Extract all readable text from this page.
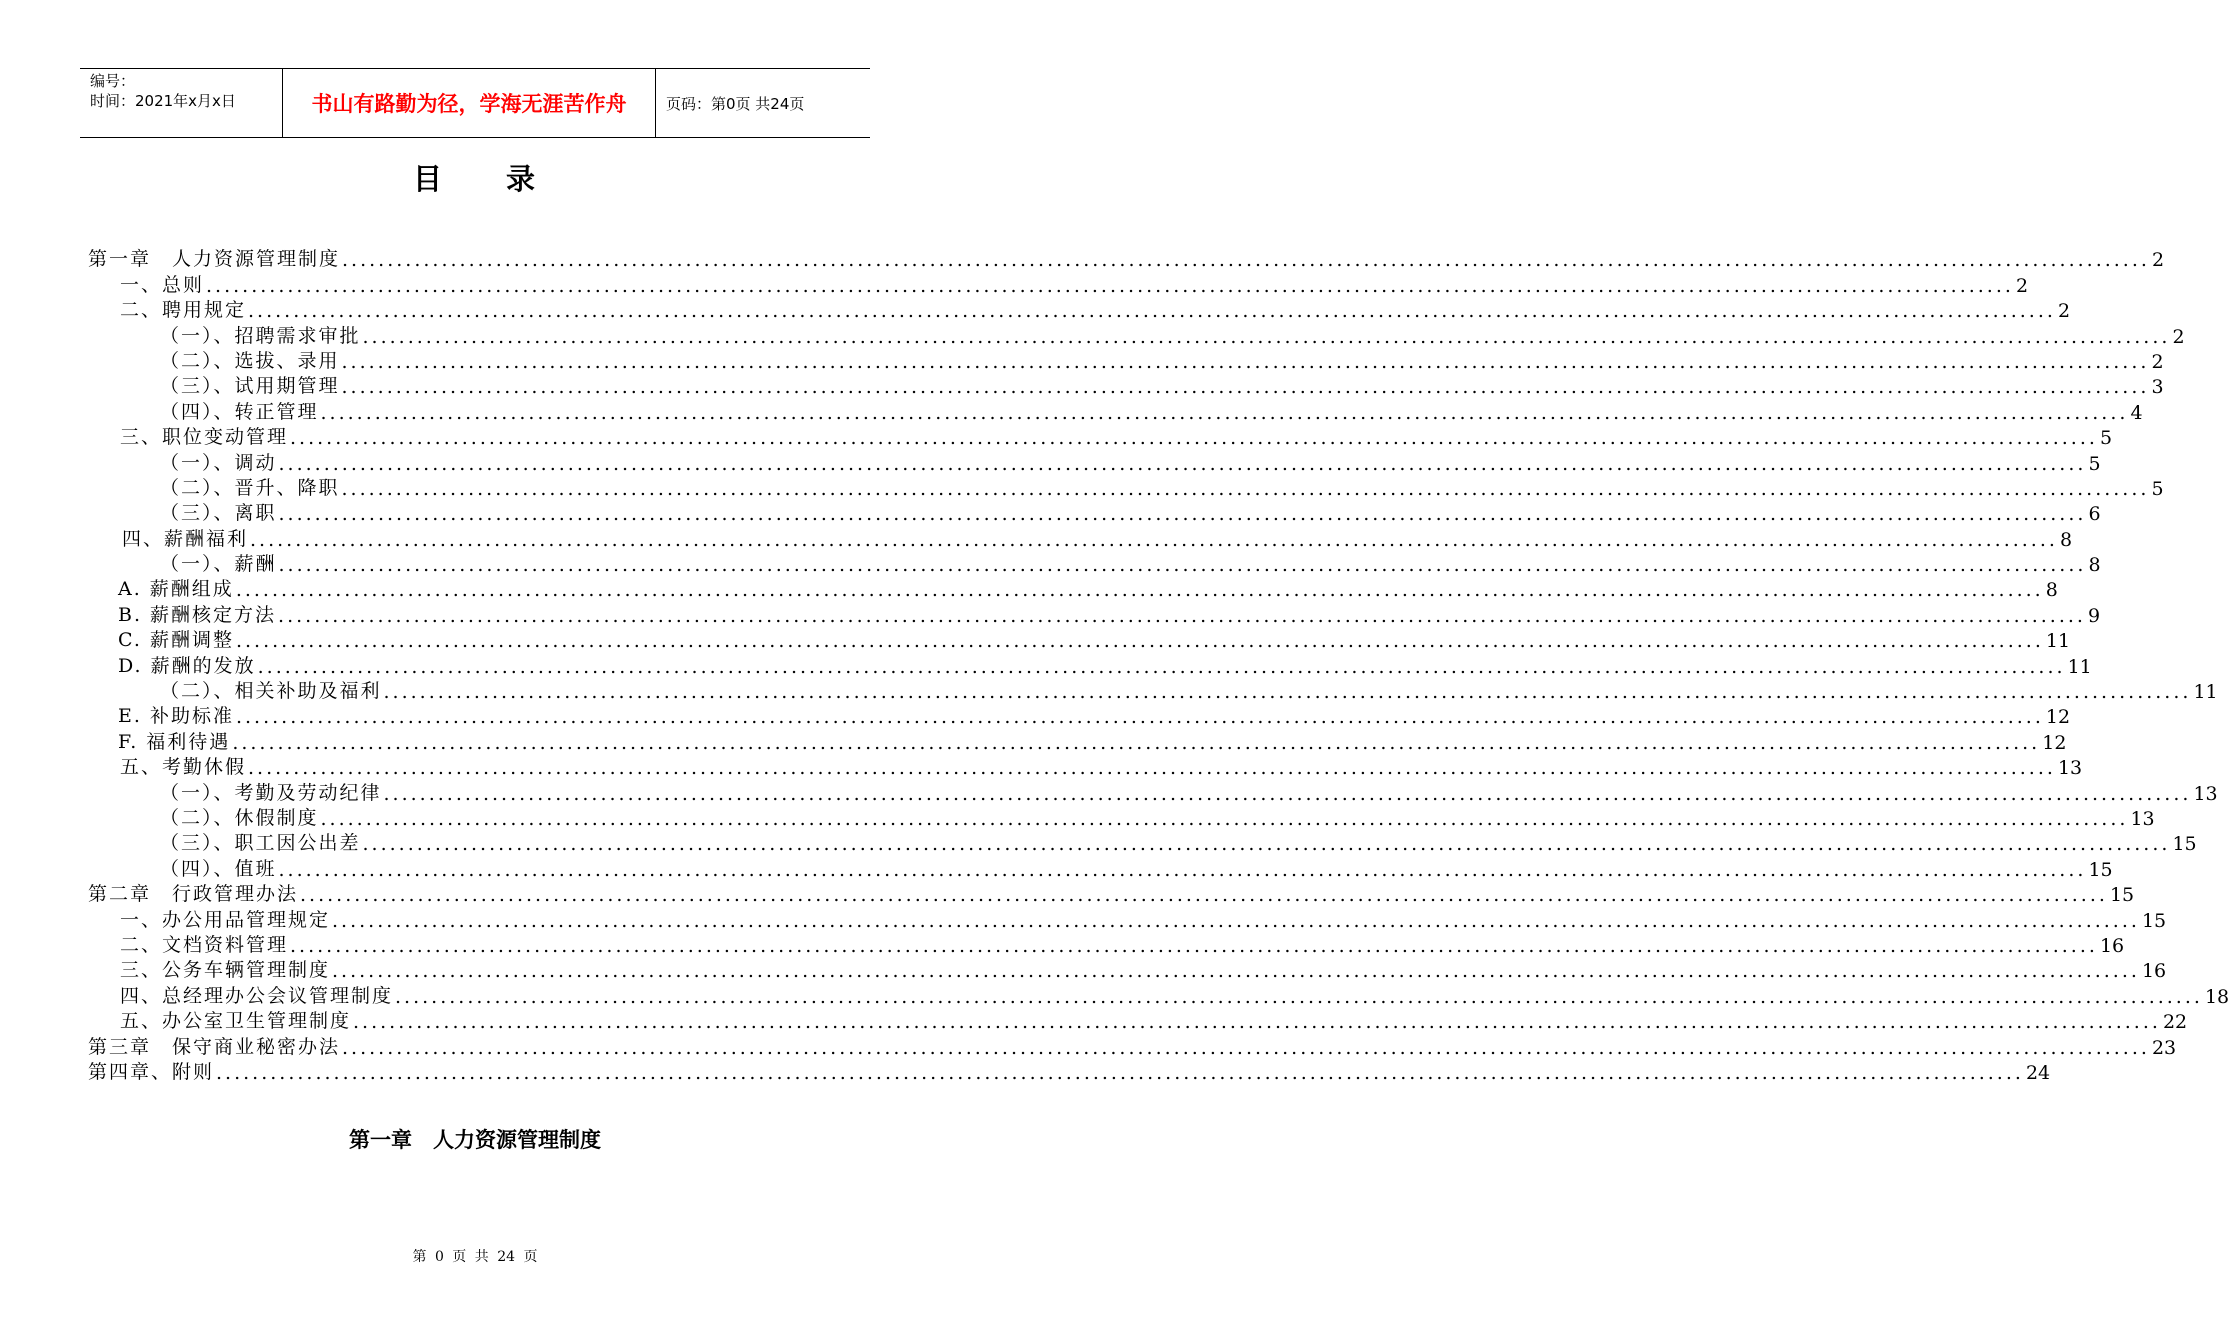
编号：
时间：2021年x月x日	书山有路勤为径，学海无涯苦作舟	页码：第0页 共24页
目　　录
第一章　人力资源管理制度 ........................................................................................................................................................................................................ 2
一、总则 ........................................................................................................................................................................................................ 2
二、聘用规定 ........................................................................................................................................................................................................ 2
（一）、招聘需求审批 ........................................................................................................................................................................................................ 2
（二）、选拔、录用 ........................................................................................................................................................................................................ 2
（三）、试用期管理 ........................................................................................................................................................................................................ 3
（四）、转正管理 ........................................................................................................................................................................................................ 4
三、职位变动管理 ........................................................................................................................................................................................................ 5
（一）、调动 ........................................................................................................................................................................................................ 5
（二）、晋升、降职 ........................................................................................................................................................................................................ 5
（三）、离职 ........................................................................................................................................................................................................ 6
四、薪酬福利 ........................................................................................................................................................................................................ 8
（一）、薪酬 ........................................................................................................................................................................................................ 8
A. 薪酬组成 ........................................................................................................................................................................................................ 8
B. 薪酬核定方法 ........................................................................................................................................................................................................ 9
C. 薪酬调整 ........................................................................................................................................................................................................ 11
D. 薪酬的发放 ........................................................................................................................................................................................................ 11
（二）、相关补助及福利 ........................................................................................................................................................................................................ 11
E. 补助标准 ........................................................................................................................................................................................................ 12
F. 福利待遇 ........................................................................................................................................................................................................ 12
五、考勤休假 ........................................................................................................................................................................................................ 13
（一）、考勤及劳动纪律 ........................................................................................................................................................................................................ 13
（二）、休假制度 ........................................................................................................................................................................................................ 13
（三）、职工因公出差 ........................................................................................................................................................................................................ 15
（四）、值班 ........................................................................................................................................................................................................ 15
第二章　行政管理办法 ........................................................................................................................................................................................................ 15
一、办公用品管理规定 ........................................................................................................................................................................................................ 15
二、文档资料管理 ........................................................................................................................................................................................................ 16
三、公务车辆管理制度 ........................................................................................................................................................................................................ 16
四、总经理办公会议管理制度 ........................................................................................................................................................................................................ 18
五、办公室卫生管理制度 ........................................................................................................................................................................................................ 22
第三章　保守商业秘密办法 ........................................................................................................................................................................................................ 23
第四章、附则 ........................................................................................................................................................................................................ 24
第一章　人力资源管理制度
第 0 页 共 24 页
